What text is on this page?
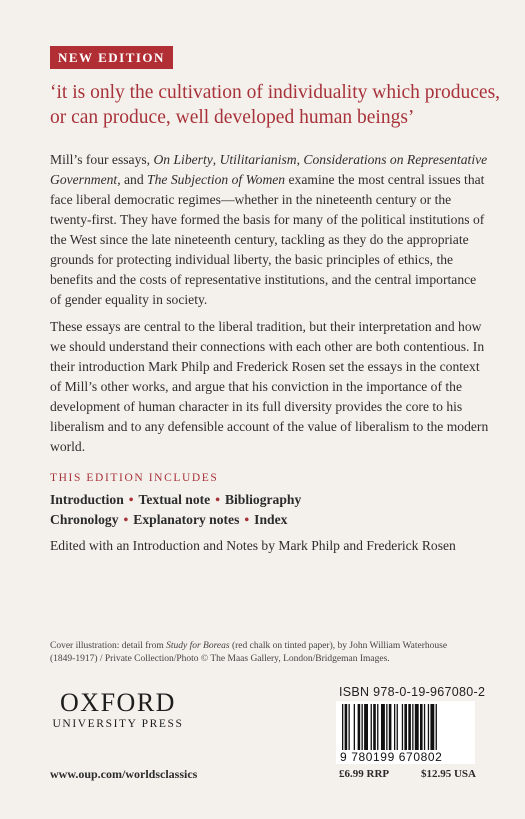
NEW EDITION
‘it is only the cultivation of individuality which produces, or can produce, well developed human beings’
Mill’s four essays, On Liberty, Utilitarianism, Considerations on Representative Government, and The Subjection of Women examine the most central issues that face liberal democratic regimes—whether in the nineteenth century or the twenty-first. They have formed the basis for many of the political institutions of the West since the late nineteenth century, tackling as they do the appropriate grounds for protecting individual liberty, the basic principles of ethics, the benefits and the costs of representative institutions, and the central importance of gender equality in society.
These essays are central to the liberal tradition, but their interpretation and how we should understand their connections with each other are both contentious. In their introduction Mark Philp and Frederick Rosen set the essays in the context of Mill’s other works, and argue that his conviction in the importance of the development of human character in its full diversity provides the core to his liberalism and to any defensible account of the value of liberalism to the modern world.
THIS EDITION INCLUDES
Introduction • Textual note • Bibliography
Chronology • Explanatory notes • Index
Edited with an Introduction and Notes by Mark Philp and Frederick Rosen
Cover illustration: detail from Study for Boreas (red chalk on tinted paper), by John William Waterhouse (1849-1917) / Private Collection/Photo © The Maas Gallery, London/Bridgeman Images.
OXFORD
UNIVERSITY PRESS
www.oup.com/worldsclassics
ISBN 978-0-19-967080-2
9 780199 670802
£6.99 RRP	$12.95 USA
